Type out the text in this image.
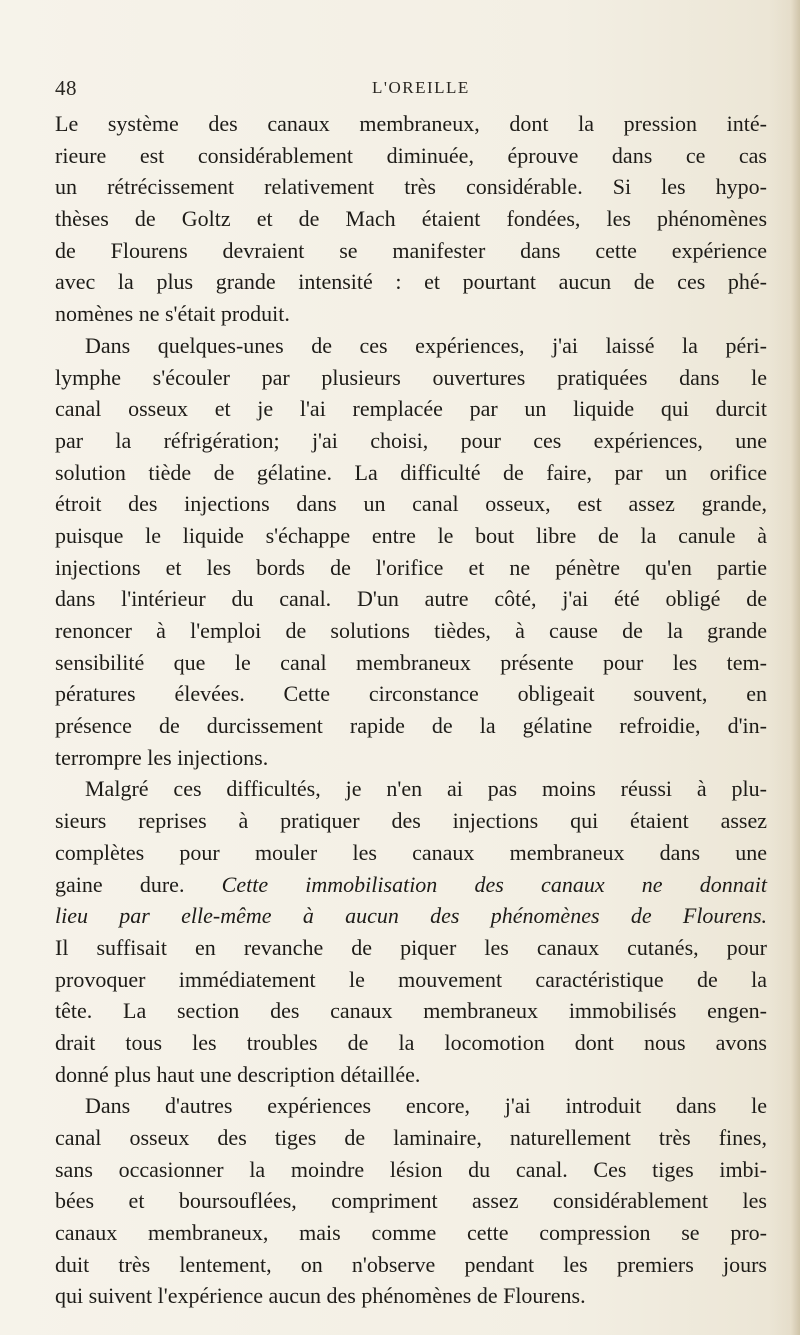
48	L'OREILLE
Le système des canaux membraneux, dont la pression inté-
rieure est considérablement diminuée, éprouve dans ce cas
un rétrécissement relativement très considérable. Si les hypo-
thèses de Goltz et de Mach étaient fondées, les phénomènes
de Flourens devraient se manifester dans cette expérience
avec la plus grande intensité : et pourtant aucun de ces phé-
nomènes ne s'était produit.
Dans quelques-unes de ces expériences, j'ai laissé la péri-
lymphe s'écouler par plusieurs ouvertures pratiquées dans le
canal osseux et je l'ai remplacée par un liquide qui durcit
par la réfrigération; j'ai choisi, pour ces expériences, une
solution tiède de gélatine. La difficulté de faire, par un orifice
étroit des injections dans un canal osseux, est assez grande,
puisque le liquide s'échappe entre le bout libre de la canule à
injections et les bords de l'orifice et ne pénètre qu'en partie
dans l'intérieur du canal. D'un autre côté, j'ai été obligé de
renoncer à l'emploi de solutions tièdes, à cause de la grande
sensibilité que le canal membraneux présente pour les tem-
pératures élevées. Cette circonstance obligeait souvent, en
présence de durcissement rapide de la gélatine refroidie, d'in-
terrompre les injections.
Malgré ces difficultés, je n'en ai pas moins réussi à plu-
sieurs reprises à pratiquer des injections qui étaient assez
complètes pour mouler les canaux membraneux dans une
gaine dure. Cette immobilisation des canaux ne donnait
lieu par elle-même à aucun des phénomènes de Flourens.
Il suffisait en revanche de piquer les canaux cutanés, pour
provoquer immédiatement le mouvement caractéristique de la
tête. La section des canaux membraneux immobilisés engen-
drait tous les troubles de la locomotion dont nous avons
donné plus haut une description détaillée.
Dans d'autres expériences encore, j'ai introduit dans le
canal osseux des tiges de laminaire, naturellement très fines,
sans occasionner la moindre lésion du canal. Ces tiges imbi-
bées et boursouflées, compriment assez considérablement les
canaux membraneux, mais comme cette compression se pro-
duit très lentement, on n'observe pendant les premiers jours
qui suivent l'expérience aucun des phénomènes de Flourens.
